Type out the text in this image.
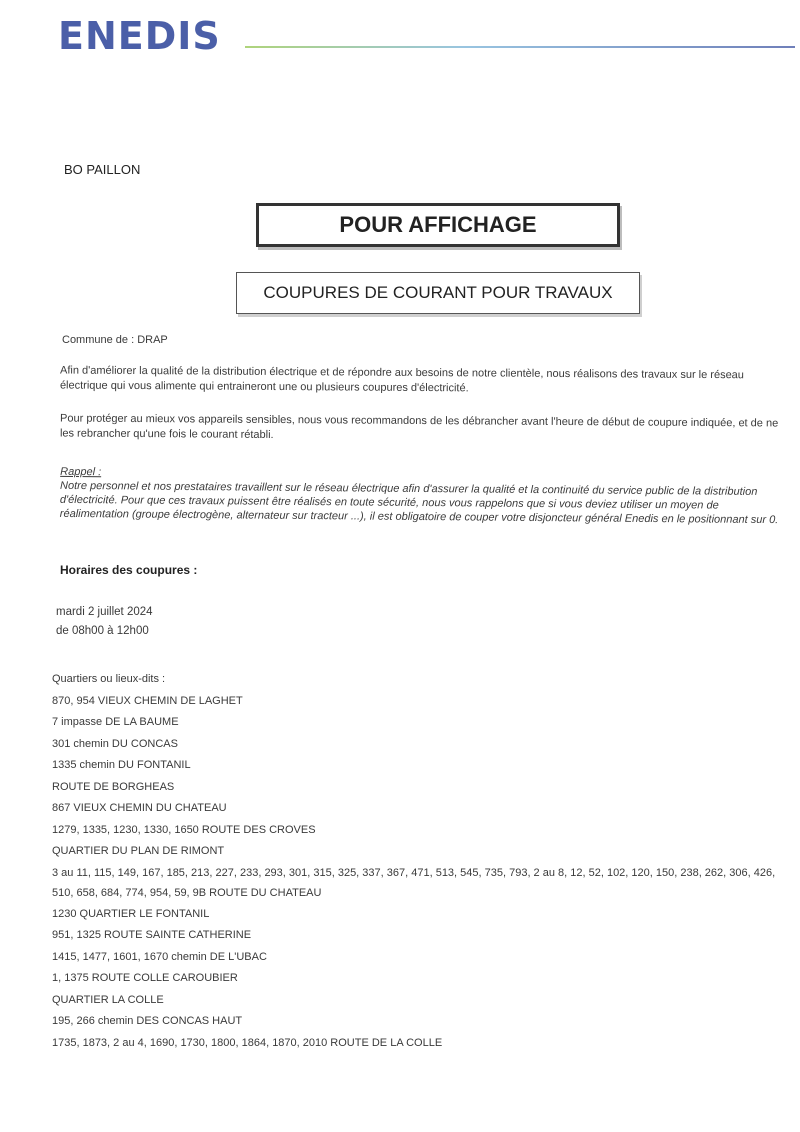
ENEDIS
BO PAILLON
POUR AFFICHAGE
COUPURES DE COURANT POUR TRAVAUX
Commune de : DRAP
Afin d'améliorer la qualité de la distribution électrique et de répondre aux besoins de notre clientèle, nous réalisons des travaux sur le réseau électrique qui vous alimente qui entraineront une ou plusieurs coupures d'électricité.
Pour protéger au mieux vos appareils sensibles, nous vous recommandons de les débrancher avant l'heure de début de coupure indiquée, et de ne les rebrancher qu'une fois le courant rétabli.
Rappel :
Notre personnel et nos prestataires travaillent sur le réseau électrique afin d'assurer la qualité et la continuité du service public de la distribution d'électricité. Pour que ces travaux puissent être réalisés en toute sécurité, nous vous rappelons que si vous deviez utiliser un moyen de réalimentation (groupe électrogène, alternateur sur tracteur ...), il est obligatoire de couper votre disjoncteur général Enedis en le positionnant sur 0.
Horaires des coupures :
mardi 2 juillet 2024
de 08h00 à 12h00
Quartiers ou lieux-dits :
870, 954 VIEUX CHEMIN DE LAGHET
7 impasse DE LA BAUME
301 chemin DU CONCAS
1335 chemin DU FONTANIL
ROUTE DE BORGHEAS
867 VIEUX CHEMIN DU CHATEAU
1279, 1335, 1230, 1330, 1650 ROUTE DES CROVES
QUARTIER DU PLAN DE RIMONT
3 au 11, 115, 149, 167, 185, 213, 227, 233, 293, 301, 315, 325, 337, 367, 471, 513, 545, 735, 793, 2 au 8, 12, 52, 102, 120, 150, 238, 262, 306, 426, 510, 658, 684, 774, 954, 59, 9B ROUTE DU CHATEAU
1230 QUARTIER LE FONTANIL
951, 1325 ROUTE SAINTE CATHERINE
1415, 1477, 1601, 1670 chemin DE L'UBAC
1, 1375 ROUTE COLLE CAROUBIER
QUARTIER LA COLLE
195, 266 chemin DES CONCAS HAUT
1735, 1873, 2 au 4, 1690, 1730, 1800, 1864, 1870, 2010 ROUTE DE LA COLLE
